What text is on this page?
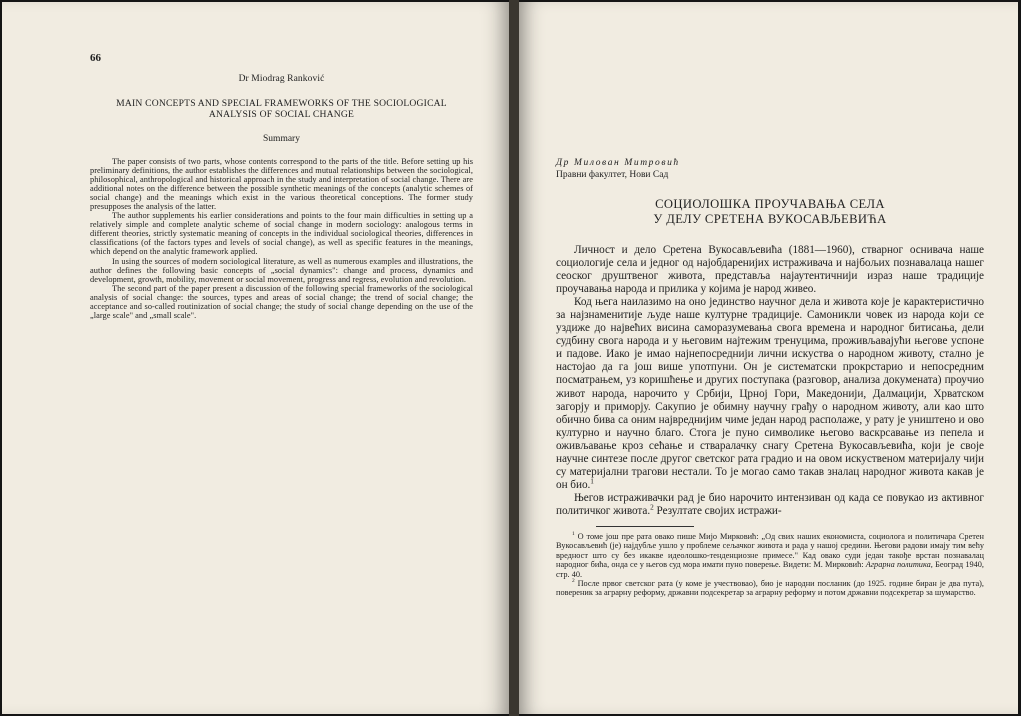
66
Dr Miodrag Ranković
MAIN CONCEPTS AND SPECIAL FRAMEWORKS OF THE SOCIOLOGICAL
ANALYSIS OF SOCIAL CHANGE
Summary

The paper consists of two parts, whose contents correspond to the parts of the title. Before setting up his preliminary definitions, the author establishes the differences and mutual relationships between the sociological, philosophical, anthropological and historical approach in the study and interpretation of social change. There are additional notes on the difference between the possible synthetic meanings of the concepts (analytic schemes of social change) and the meanings which exist in the various theoretical conceptions. The former study presupposes the analysis of the latter.

The author supplements his earlier considerations and points to the four main difficulties in setting up a relatively simple and complete analytic scheme of social change in modern sociology: analogous terms in different theories, strictly systematic meaning of concepts in the individual sociological theories, differences in classifications (of the factors types and levels of social change), as well as specific features in the meanings, which depend on the analytic framework applied.

In using the sources of modern sociological literature, as well as numerous examples and illustrations, the author defines the following basic concepts of „social dynamics": change and process, dynamics and development, growth, mobility, movement or social movement, progress and regress, evolution and revolution.

The second part of the paper present a discussion of the following special frameworks of the sociological analysis of social change: the sources, types and areas of social change; the trend of social change; the acceptance and so-called routinization of social change; the study of social change depending on the use of the „large scale" and „small scale".

Др Милован Митровић
Правни факултет, Нови Сад
СОЦИОЛОШКА ПРОУЧАВАЊА СЕЛА
У ДЕЛУ СРЕТЕНА ВУКОСАВЉЕВИЋА

Личност и дело Сретена Вукосављевића (1881—1960), стварног оснивача наше социологије села и једног од најобдаренијих истраживача и најбољих познавалаца нашег сеоског друштвеног живота, представља најаутентичнији израз наше традиције проучавања народа и прилика у којима је народ живео.

Код њега наилазимо на оно јединство научног дела и живота које је карактеристично за најзнаменитије људе наше културне традиције. Самоникли човек из народа који се уздиже до највећих висина саморазумевања свога времена и народног битисања, дели судбину свога народа и у његовим најтежим тренуцима, проживљавајући његове успоне и падове. Иако је имао најнепосреднији лични искуства о народном животу, стално је настојао да га још више употпуни. Он је систематски прокрстарио и непосредним посматрањем, уз коришћење и других поступака (разговор, анализа докумената) проучио живот народа, нарочито у Србији, Црној Гори, Македонији, Далмацији, Хрватском загорју и приморју. Сакупио је обимну научну грађу о народном животу, али као што обично бива са оним највреднијим чиме један народ располаже, у рату је уништено и ово културно и научно благо. Стога је пуно символике његово васкрсавање из пепела и оживљавање кроз сећање и стваралачку снагу Сретена Вукосављевића, који је своје научне синтезе после другог светског рата градио и на овом искуственом материјалу чији су материјални трагови нестали. То је могао само такав зналац народног живота какав је он био.$^1$

Његов истраживачки рад је био нарочито интензиван од када се повукао из активног политичког живота.$^2$ Резултате својих истражи-

$^1$ О томе још пре рата овако пише Мијо Мирковић: „Од свих наших економиста, социолога и политичара Сретен Вукосављевић (је) најдубље ушло у проблеме сељачког живота и рада у нашој средини. Његови радови имају тим већу вредност што су без икакве идеолошко-тенденциозне примесе." Кад овако суди један такође врстан познавалац народног бића, онда се у његов суд мора имати пуно поверење. Видети: М. Мирковић: Аграрна политика, Београд 1940, стр. 40.

$^2$ После првог светског рата (у коме је учествовао), био је народни посланик (до 1925. године биран је два пута), повереник за аграрну реформу, државни подсекретар за аграрну реформу и потом државни подсекретар за шумарство.
